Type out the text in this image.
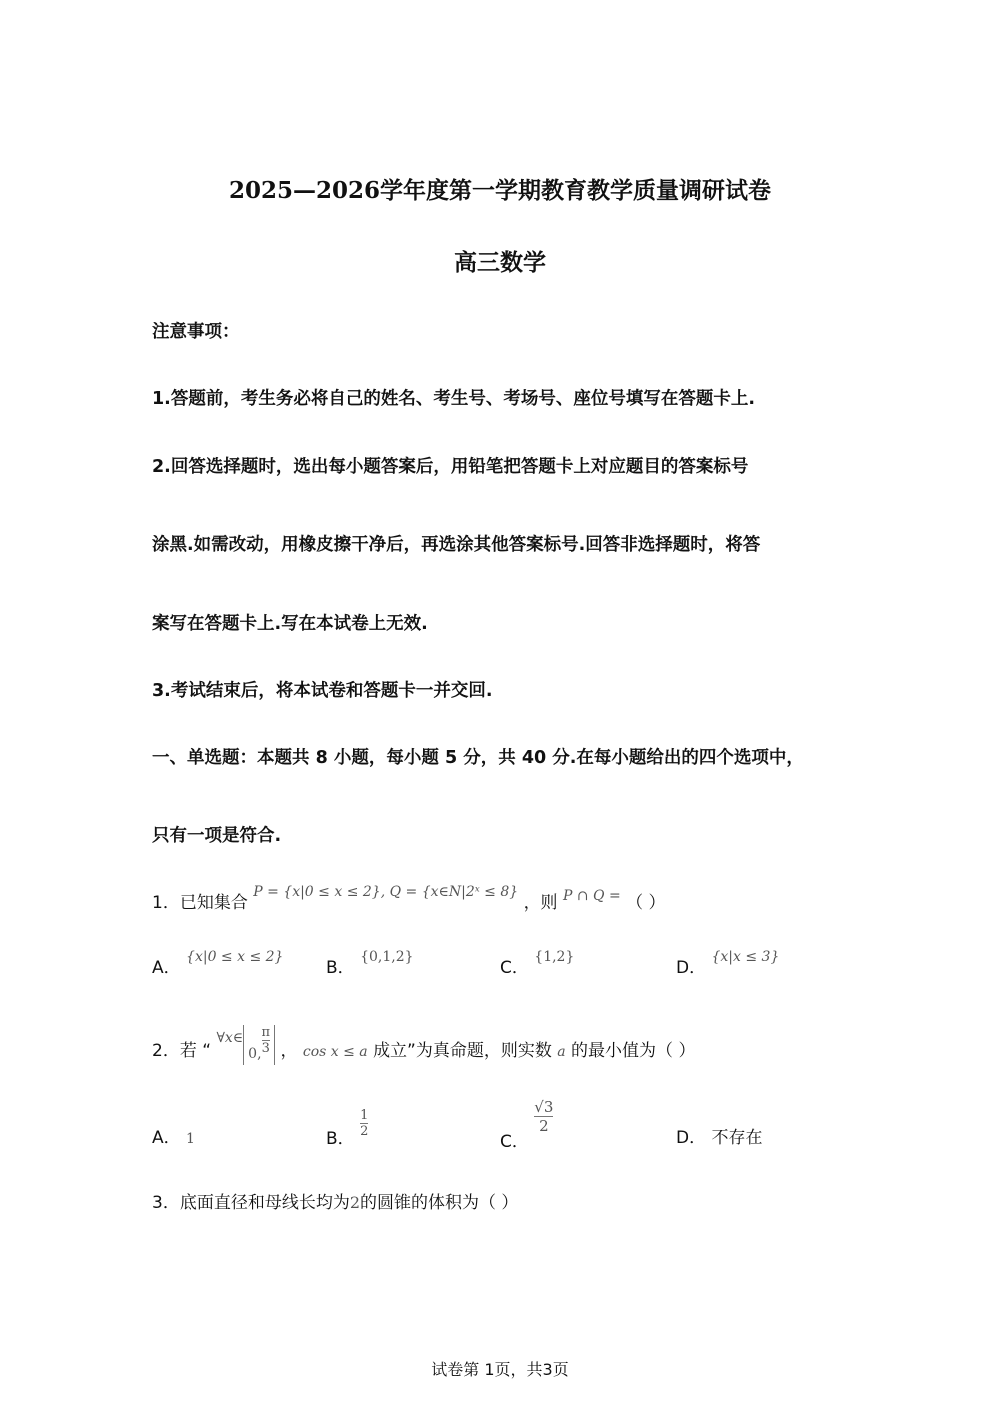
2025—2026学年度第一学期教育教学质量调研试卷
高三数学
注意事项：
1.答题前，考生务必将自己的姓名、考生号、考场号、座位号填写在答题卡上.
2.回答选择题时，选出每小题答案后，用铅笔把答题卡上对应题目的答案标号
涂黑.如需改动，用橡皮擦干净后，再选涂其他答案标号.回答非选择题时，将答
案写在答题卡上.写在本试卷上无效.
3.考试结束后，将本试卷和答题卡一并交回.
一、单选题：本题共 8 小题，每小题 5 分，共 40 分.在每小题给出的四个选项中，
只有一项是符合.
1．已知集合 $^{P = \{x|0 \le x \le 2\}, Q = \{x\in N|2ˣ \le 8\}}$ ，则 $^{P \cap Q =}$ （ ）
A． $^{\{x|0 \le x \le 2\}}$
B． $^{\{0,1,2\}}$
C． $^{\{1,2\}}$
D． $^{\{x|x \le 3\}}$
2．若 “ $^{\forall x\in}_{0,} \frac{\pi}{3}$ ， cos x ≤ a 成立”为真命题，则实数 a 的最小值为（ ）
A． 1	B． $\frac{1}{2}$
C．
$\frac{√3}{2}$
D． 不存在
3．底面直径和母线长均为2的圆锥的体积为（ ）
试卷第 1页，共3页
